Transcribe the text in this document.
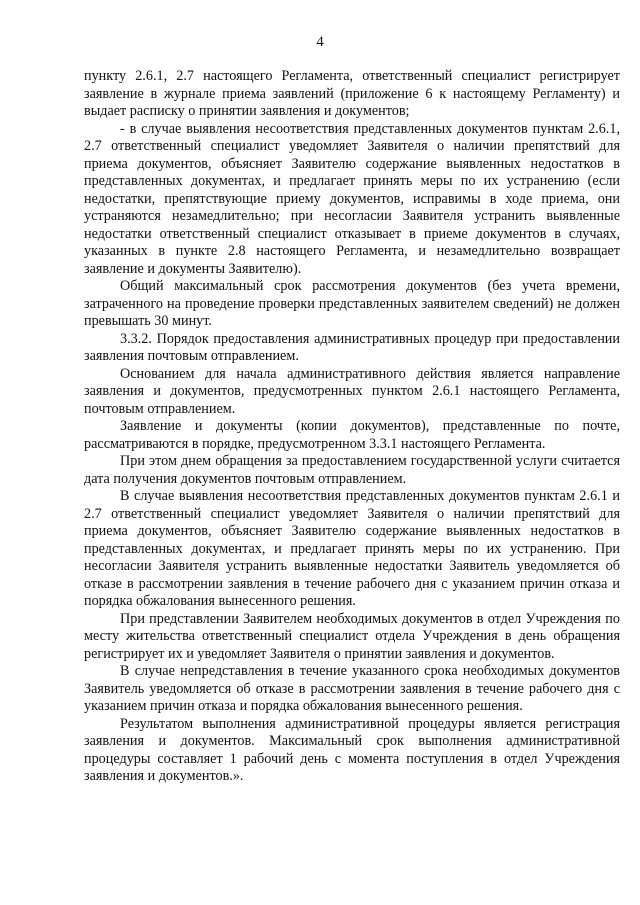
4

пункту 2.6.1, 2.7 настоящего Регламента, ответственный специалист регистрирует заявление в журнале приема заявлений (приложение 6 к настоящему Регламенту) и выдает расписку о принятии заявления и документов;

- в случае выявления несоответствия представленных документов пунктам 2.6.1, 2.7 ответственный специалист уведомляет Заявителя о наличии препятствий для приема документов, объясняет Заявителю содержание выявленных недостатков в представленных документах, и предлагает принять меры по их устранению (если недостатки, препятствующие приему документов, исправимы в ходе приема, они устраняются незамедлительно; при несогласии Заявителя устранить выявленные недостатки ответственный специалист отказывает в приеме документов в случаях, указанных в пункте 2.8 настоящего Регламента, и незамедлительно возвращает заявление и документы Заявителю).

Общий максимальный срок рассмотрения документов (без учета времени, затраченного на проведение проверки представленных заявителем сведений) не должен превышать 30 минут.

3.3.2. Порядок предоставления административных процедур при предоставлении заявления почтовым отправлением.

Основанием для начала административного действия является направление заявления и документов, предусмотренных пунктом 2.6.1 настоящего Регламента, почтовым отправлением.

Заявление и документы (копии документов), представленные по почте, рассматриваются в порядке, предусмотренном 3.3.1 настоящего Регламента.

При этом днем обращения за предоставлением государственной услуги считается дата получения документов почтовым отправлением.

В случае выявления несоответствия представленных документов пунктам 2.6.1 и 2.7 ответственный специалист уведомляет Заявителя о наличии препятствий для приема документов, объясняет Заявителю содержание выявленных недостатков в представленных документах, и предлагает принять меры по их устранению. При несогласии Заявителя устранить выявленные недостатки Заявитель уведомляется об отказе в рассмотрении заявления в течение рабочего дня с указанием причин отказа и порядка обжалования вынесенного решения.

При представлении Заявителем необходимых документов в отдел Учреждения по месту жительства ответственный специалист отдела Учреждения в день обращения регистрирует их и уведомляет Заявителя о принятии заявления и документов.

В случае непредставления в течение указанного срока необходимых документов Заявитель уведомляется об отказе в рассмотрении заявления в течение рабочего дня с указанием причин отказа и порядка обжалования вынесенного решения.

Результатом выполнения административной процедуры является регистрация заявления и документов. Максимальный срок выполнения административной процедуры составляет 1 рабочий день с момента поступления в отдел Учреждения заявления и документов.».
